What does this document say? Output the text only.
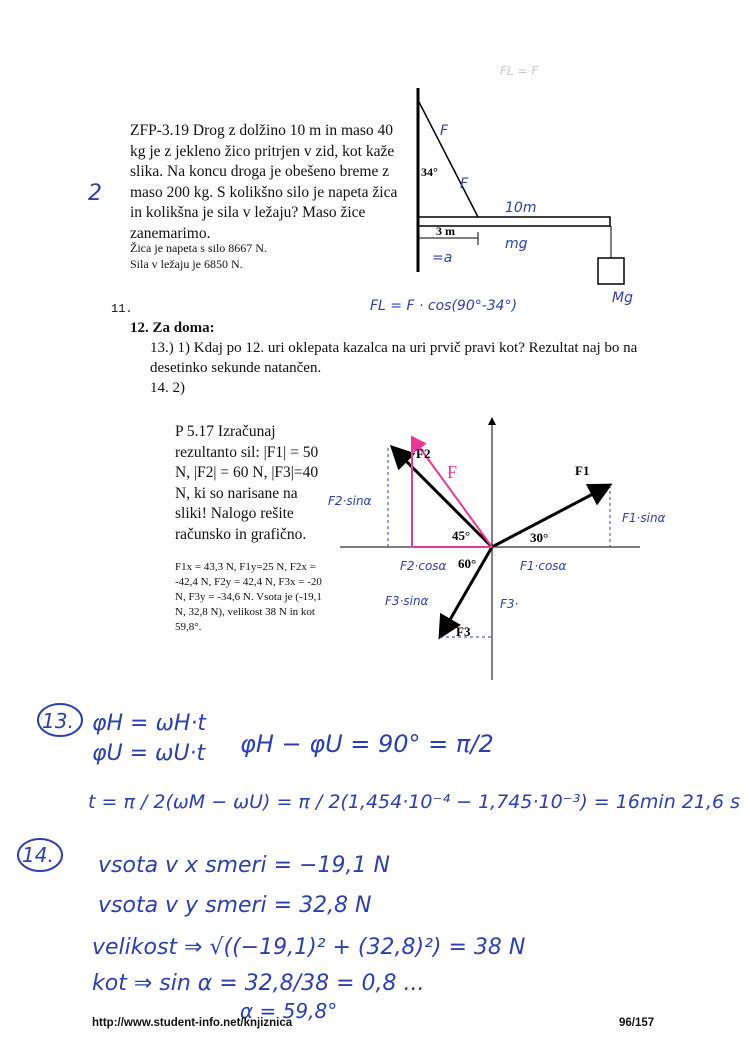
ZFP-3.19 Drog z dolžino 10 m in maso 40 kg je z jekleno žico pritrjen v zid, kot kaže slika. Na koncu droga je obešeno breme z maso 200 kg. S kolikšno silo je napeta žica in kolikšna je sila v ležaju? Maso žice zanemarimo.
Žica je napeta s silo 8667 N.
Sila v ležaju je 6850 N.
11.
12. Za doma:
13.) 1) Kdaj po 12. uri oklepata kazalca na uri prvič pravi kot? Rezultat naj bo na desetinko sekunde natančen.
14. 2)
P 5.17 Izračunaj rezultanto sil: |F1| = 50 N, |F2| = 60 N, |F3|=40 N, ki so narisane na sliki! Nalogo rešite računsko in grafično.
F1x = 43,3 N, F1y=25 N, F2x = -42,4 N, F2y = 42,4 N, F3x = -20 N, F3y = -34,6 N. Vsota je (-19,1 N, 32,8 N), velikost 38 N in kot 59,8°.
34°
3 m
F
F
10m
mg
Mg
=a
FL = F · cos(90°-34°)
2
FL = F
F1
F2
F3
F
30°
45°
60°
F2·sinα
F1·sinα
F2·cosα	F1·cosα
F3·sinα	F3·
13. φH = ωH·t
φU = ωU·t φH − φU = 90° = π/2
t = π / 2(ωM − ωU) = π / 2(1,454·10⁻⁴ − 1,745·10⁻³) = 16min 21,6 s
14. vsota v x smeri = −19,1 N
vsota v y smeri = 32,8 N
velikost ⇒ √((−19,1)² + (32,8)²) = 38 N
kot ⇒ sin α = 32,8/38 = 0,8 ...
α = 59,8°
http://www.student-info.net/knjiznica	96/157
